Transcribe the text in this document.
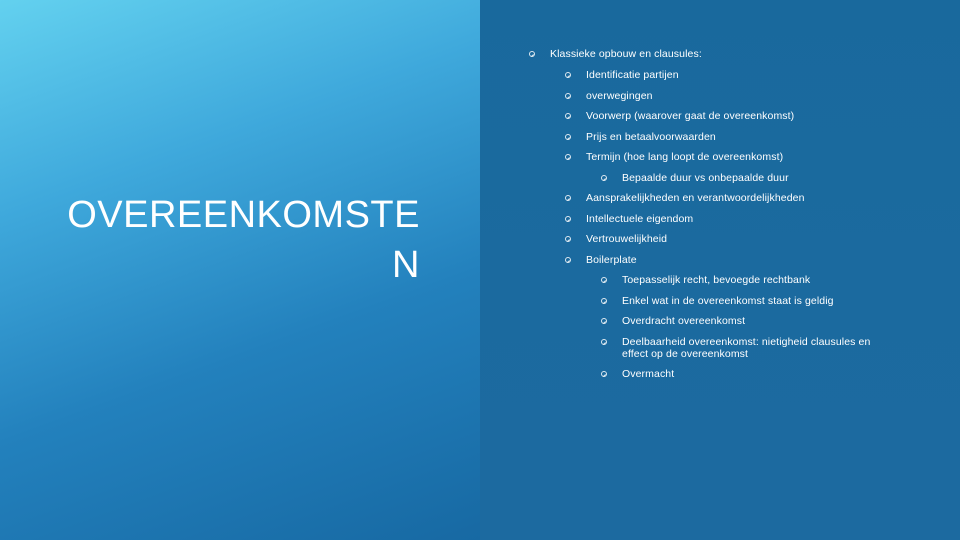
OVEREENKOMSTEN
Klassieke opbouw en clausules:
Identificatie partijen
overwegingen
Voorwerp (waarover gaat de overeenkomst)
Prijs en betaalvoorwaarden
Termijn (hoe lang loopt de overeenkomst)
Bepaalde duur vs onbepaalde duur
Aansprakelijkheden en verantwoordelijkheden
Intellectuele eigendom
Vertrouwelijkheid
Boilerplate
Toepasselijk recht, bevoegde rechtbank
Enkel wat in de overeenkomst staat is geldig
Overdracht overeenkomst
Deelbaarheid overeenkomst: nietigheid clausules en effect op de overeenkomst
Overmacht
